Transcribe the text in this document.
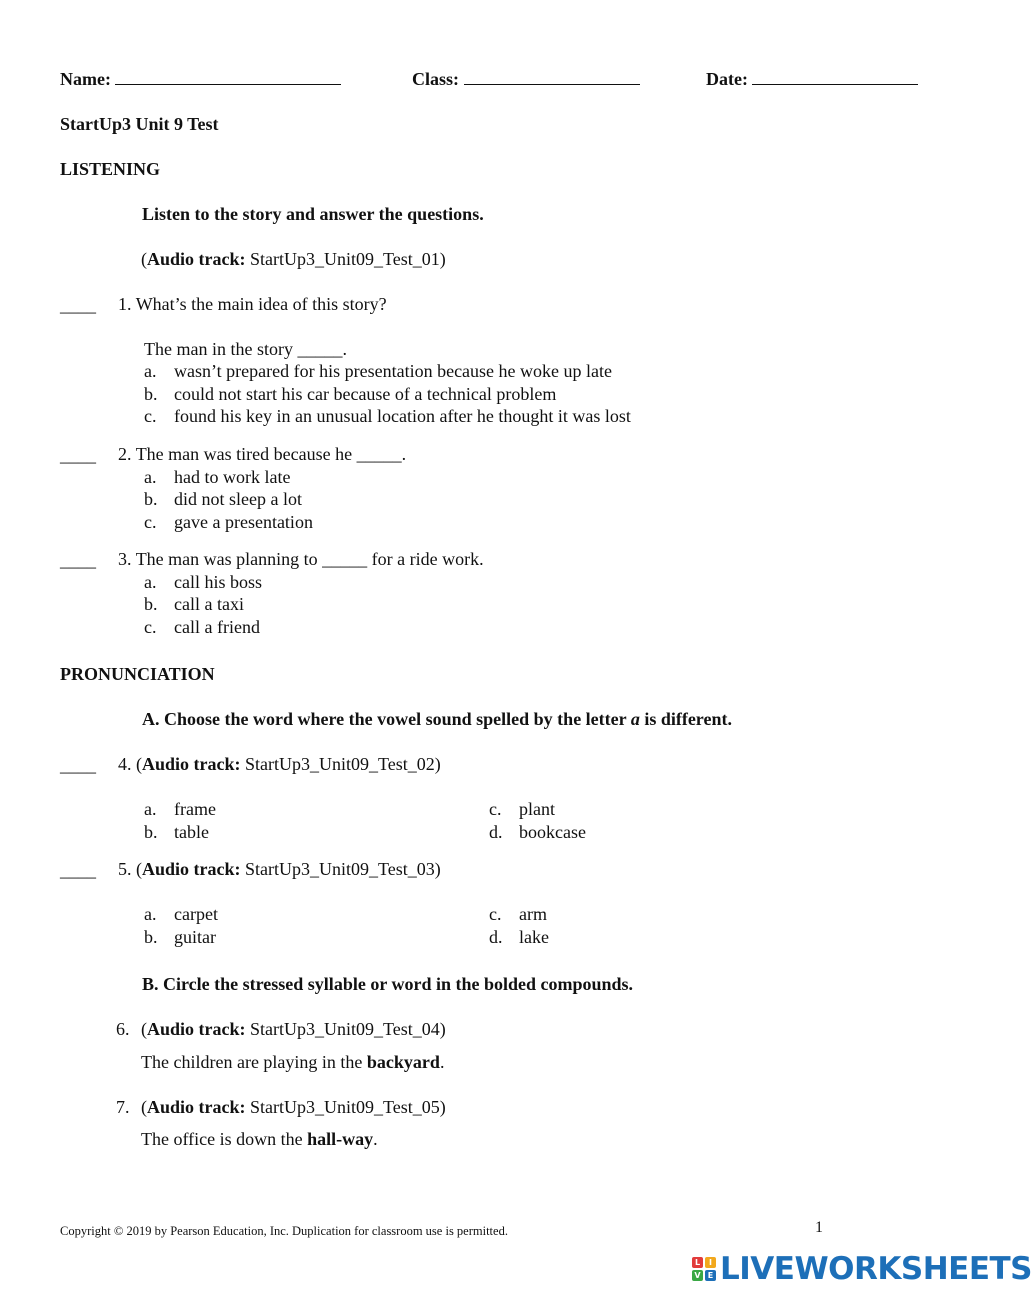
Name:	Class:	Date:
StartUp3 Unit 9 Test
LISTENING
Listen to the story and answer the questions.
(Audio track: StartUp3_Unit09_Test_01)
____ 1. What’s the main idea of this story?
The man in the story _____.
a. wasn’t prepared for his presentation because he woke up late
b. could not start his car because of a technical problem
c. found his key in an unusual location after he thought it was lost
____ 2. The man was tired because he _____.
a. had to work late
b. did not sleep a lot
c. gave a presentation
____ 3. The man was planning to _____ for a ride work.
a. call his boss
b. call a taxi
c. call a friend
PRONUNCIATION
A. Choose the word where the vowel sound spelled by the letter a is different.
____ 4. (Audio track: StartUp3_Unit09_Test_02)
a. frame
b. table
c. plant
d. bookcase
____ 5. (Audio track: StartUp3_Unit09_Test_03)
a. carpet
b. guitar
c. arm
d. lake
B. Circle the stressed syllable or word in the bolded compounds.
6. (Audio track: StartUp3_Unit09_Test_04)
The children are playing in the backyard.
7. (Audio track: StartUp3_Unit09_Test_05)
The office is down the hall-way.
Copyright © 2019 by Pearson Education, Inc. Duplication for classroom use is permitted.	1
L	I
V E LIVEWORKSHEETS
